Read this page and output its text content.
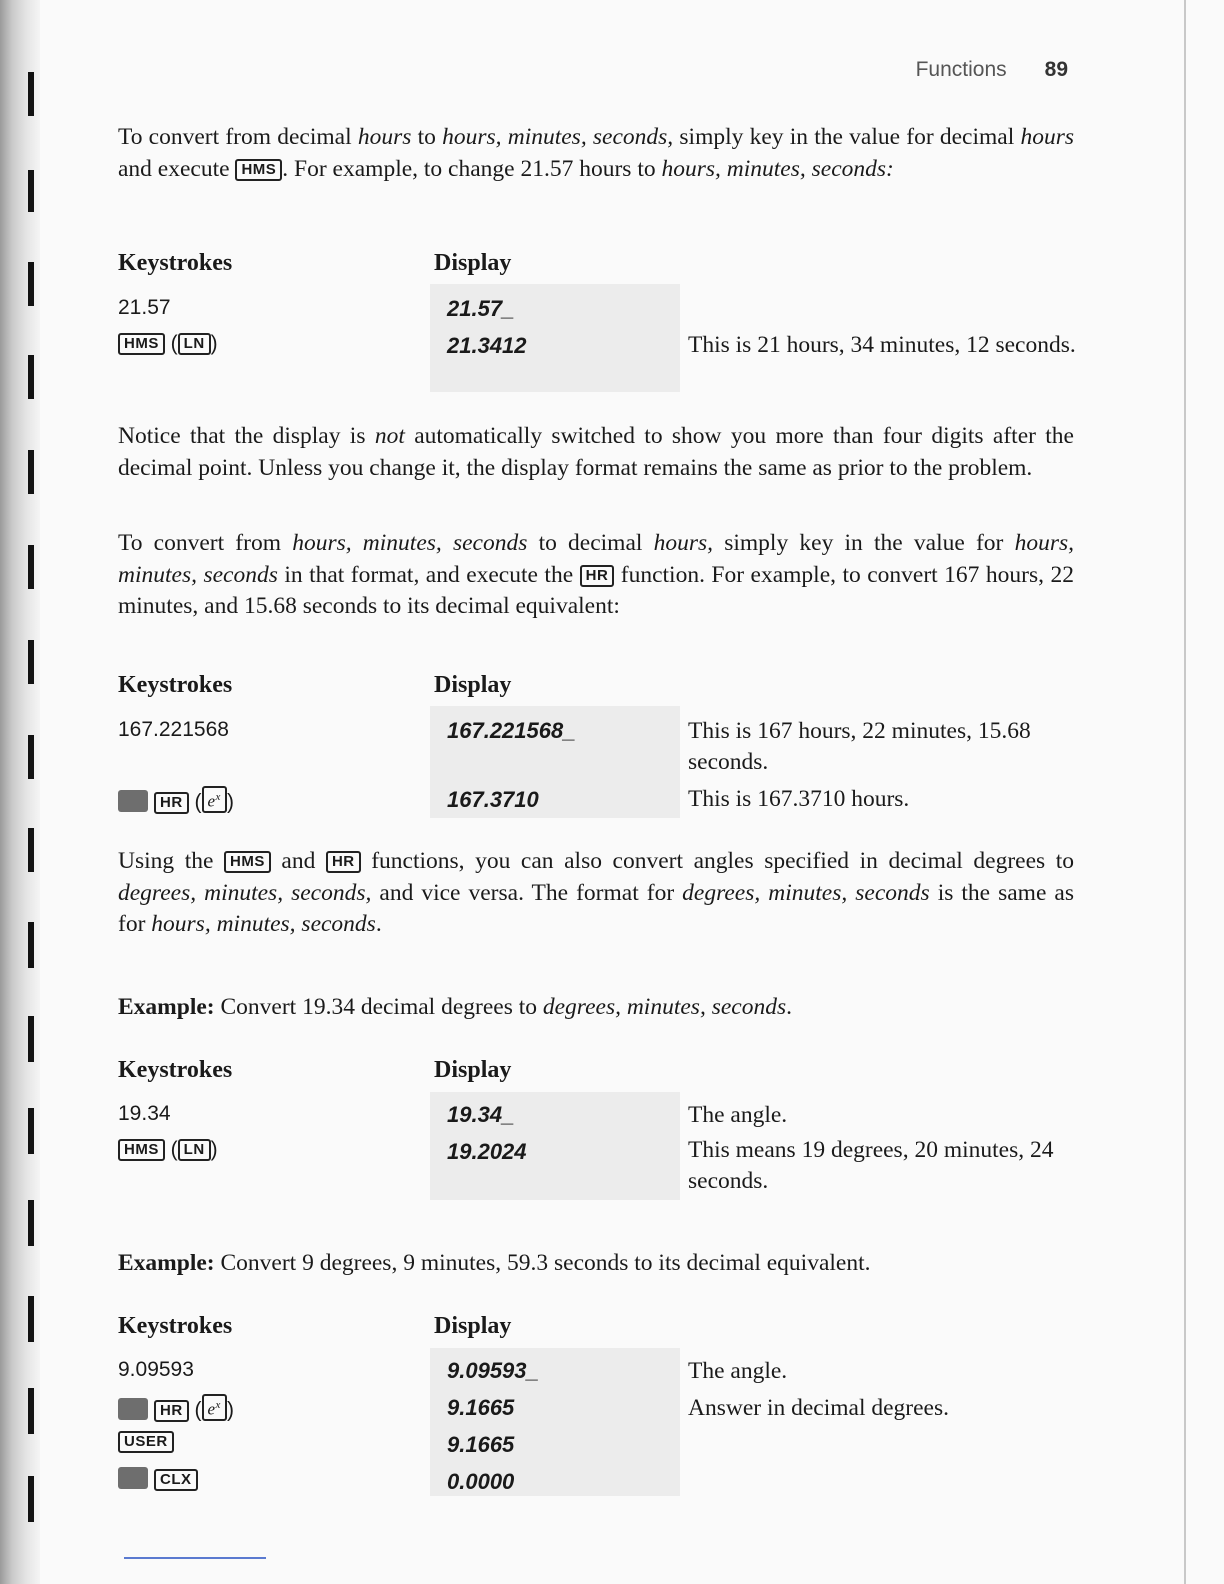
Functions 89

To convert from decimal hours to hours, minutes, seconds, simply key in the value for decimal hours and execute HMS . For example, to change 21.57 hours to hours, minutes, seconds:

Keystrokes	Display
21.57	21.57_
HMS ( LN )	21.3412	This is 21 hours, 34 minutes, 12 seconds.

Notice that the display is not automatically switched to show you more than four digits after the decimal point. Unless you change it, the display format remains the same as prior to the problem.

To convert from hours, minutes, seconds to decimal hours, simply key in the value for hours, minutes, seconds in that format, and execute the HR function. For example, to convert 167 hours, 22 minutes, and 15.68 seconds to its decimal equivalent:

Keystrokes	Display
167.221568	167.221568_	This is 167 hours, 22 minutes, 15.68 seconds.
HR ( $e^x$ )	167.3710	This is 167.3710 hours.

Using the HMS and HR functions, you can also convert angles specified in decimal degrees to degrees, minutes, seconds, and vice versa. The format for degrees, minutes, seconds is the same as for hours, minutes, seconds.

Example: Convert 19.34 decimal degrees to degrees, minutes, seconds.
Keystrokes	Display
19.34	19.34_	The angle.
HMS ( LN )	19.2024	This means 19 degrees, 20 minutes, 24 seconds.
Example: Convert 9 degrees, 9 minutes, 59.3 seconds to its decimal equivalent.
Keystrokes	Display
9.09593	9.09593_	The angle.
HR ( $e^x$ )	9.1665	Answer in decimal degrees.
USER	9.1665
CLX	0.0000
